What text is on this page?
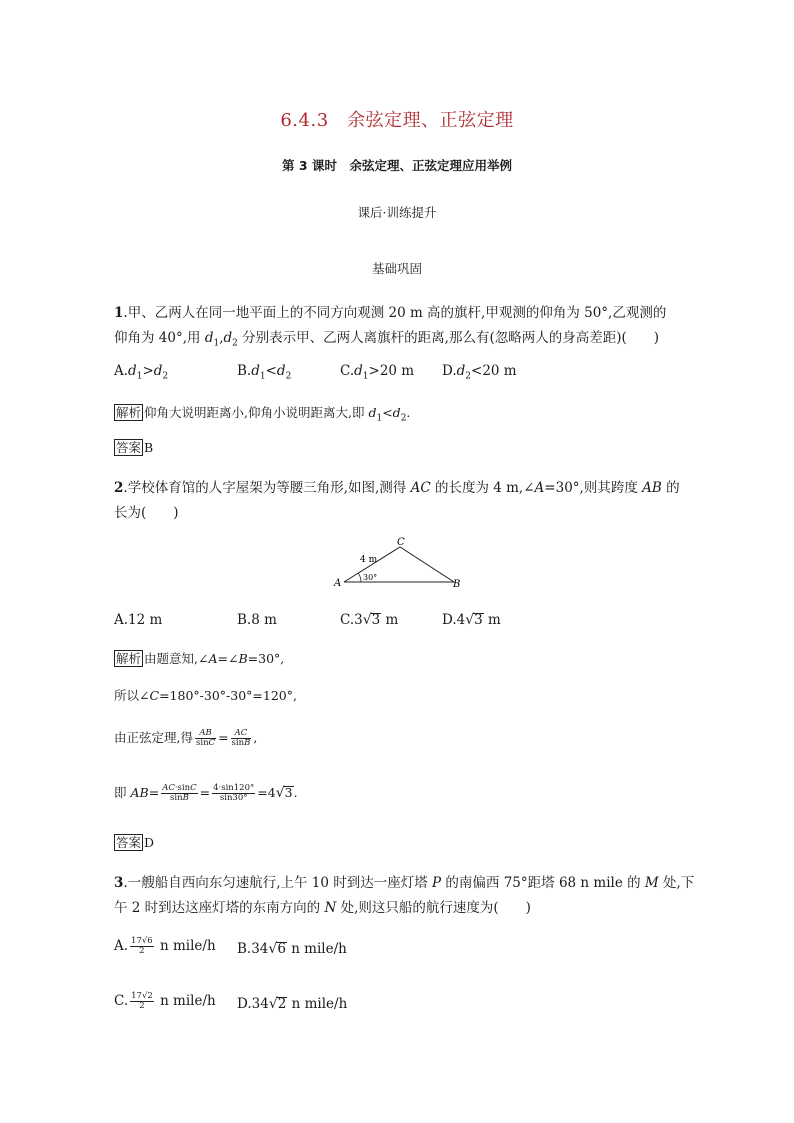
6.4.3　余弦定理、正弦定理
第 3 课时　余弦定理、正弦定理应用举例
课后·训练提升
基础巩固
1.甲、乙两人在同一地平面上的不同方向观测 20 m 高的旗杆,甲观测的仰角为 50°,乙观测的
仰角为 40°,用 $d_1,d_2$ 分别表示甲、乙两人离旗杆的距离,那么有(忽略两人的身高差距)(　　)
$A.d_1>d_2$	$B.d_1<d_2$	$C.d_1>20$ m $D.d_2<20$ m
解析 仰角大说明距离小,仰角小说明距离大,即 $d_1<d_2$.
答案 B
2.学校体育馆的人字屋架为等腰三角形,如图,测得 AC 的长度为 4 m,∠A=30°,则其跨度 AB 的
长为(　　)
A
C
B
4 m
30°
A.12 m	B.8 m	C.3√3 m	D.4√3 m
解析 由题意知,∠A=∠B=30°,
所以∠C=180°-30°-30°=120°,
由正弦定理,得 $\frac{AB}{\sin C} = \frac{AC}{\sin B}$ ,
即 $AB= \frac{AC\cdot\sin C}{\sin B} = \frac{4\cdot\sin 120^\circ}{\sin 30^\circ} =4√3$.
答案 D
3.一艘船自西向东匀速航行,上午 10 时到达一座灯塔 P 的南偏西 75°距塔 68 n mile 的 M 处,下
午 2 时到达这座灯塔的东南方向的 N 处,则这只船的航行速度为(　　)
A. $\frac{17√6}{2}$ n mile/h B.34√6 n mile/h
C. $\frac{17√2}{2}$ n mile/h D.34√2 n mile/h
